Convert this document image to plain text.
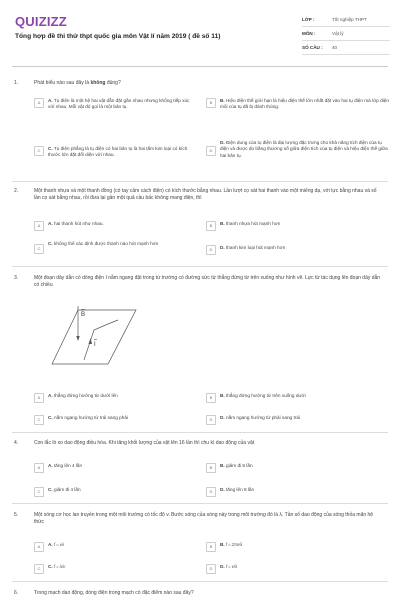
QUIZIZZ
Tổng hợp đề thi thử thpt quốc gia môn Vật lí năm 2019 ( đề số 11)
LỚP :	Tốt nghiệp THPT
MÔN :	Vật lý
SỐ CÂU :	40
1.	Phát biểu nào sau đây là không đúng?
A	A. Tụ điện là một hệ hai vật dẫn đặt gần nhau nhưng không tiếp xúc với nhau. Mỗi vật đó gọi là một bản tụ.
B	B. Hiệu điện thế giới hạn là hiệu điện thế lớn nhất đặt vào hai tụ điện mà lớp điện môi của tụ đã bị đánh thủng.
C	C. Tụ điện phẳng là tụ điện có hai bản tụ là hai tấm kim loại có kích thước lớn đặt đối diện với nhau.
D
D. Điện dung của tụ điện là đại lượng đặc trưng cho khả năng tích điện của tụ điện và được đo bằng thương số giữa điện tích của tụ điện và hiệu điện thế giữa hai bản tụ.
2.	Một thanh nhựa và một thanh đồng (có tay cầm cách điện) có kích thước bằng nhau. Lần lượt cọ sát hai thanh vào một miếng dạ, với lực bằng nhau và số lần cọ sát bằng nhau, rồi đưa lại gần một quả cầu bấc không mang điện, thì
A	A. hai thanh hút như nhau.	B	B. thanh nhựa hút mạnh hơn
C
C. không thể xác định được thanh nào hút mạnh hơn
D	D. thanh kim loại hút mạnh hơn
3.	Một đoạn dây dẫn có dòng điện I nằm ngang đặt trong từ trường có đường sức từ thẳng đứng từ trên xuống như hình vẽ. Lực từ tác dụng lên đoạn dây dẫn có chiều
B
I
A	A. thẳng đứng hướng từ dưới lên	B	B. thẳng đứng hướng từ trên xuống dưới
C	C. nằm ngang hướng từ trái sang phải	D	D. nằm ngang hướng từ phải sang trái
4.	Con lắc lò xo dao động điều hòa. Khi tăng khối lượng của vật lên 16 lần thì chu kì dao động của vật
A	A. tăng lên 4 lần	B	B. giảm đi 8 lần
C	C. giảm đi 4 lần	D	D. tăng lên 8 lần
5.	Một sóng cơ học lan truyền trong một môi trường có tốc độ v. Bước sóng của sóng này trong môi trường đó là λ. Tần số dao động của sóng thỏa mãn hệ thức
A	A. f = vλ	B	B. f = 2πv/λ
C	C. f = λ/v	D	D. f = v/λ
6.	Trong mạch dao động, dòng điện trong mạch có đặc điểm nào sau đây?
